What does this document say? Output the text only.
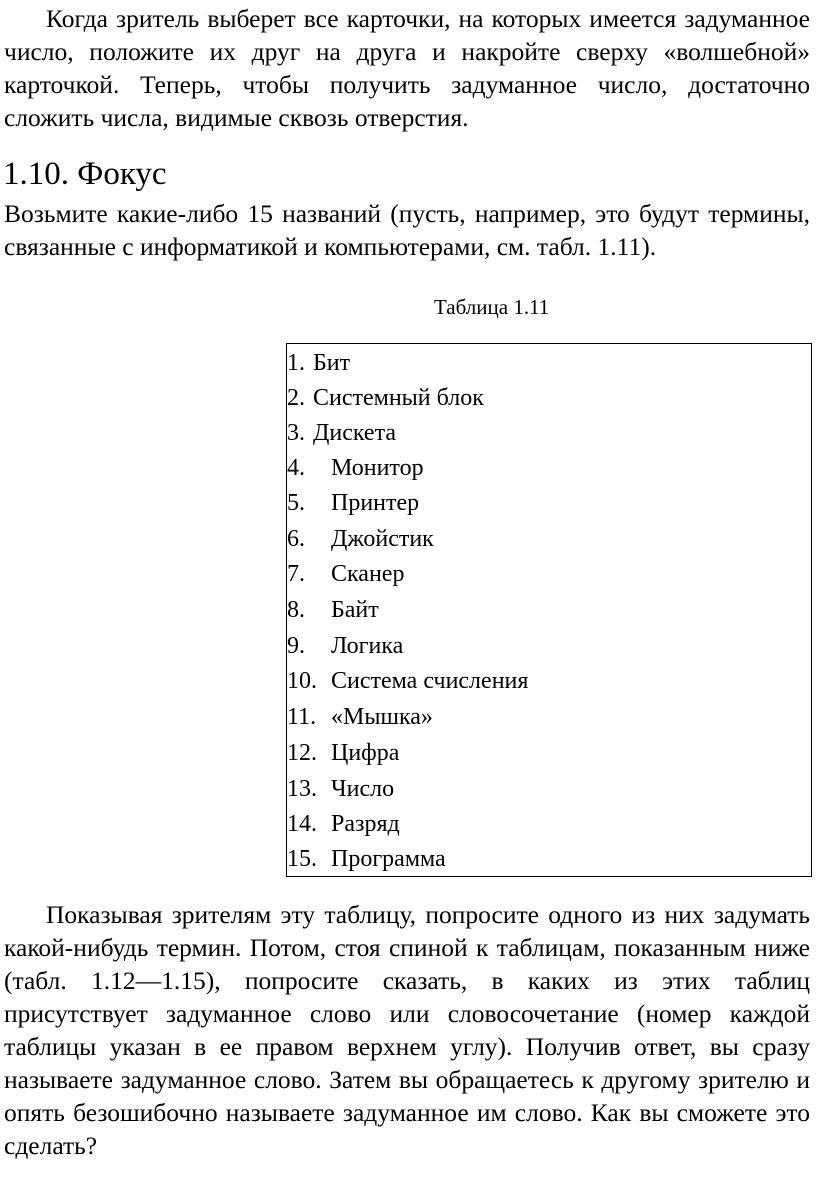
Когда зритель выберет все карточки, на которых имеется задуманное число, положите их друг на друга и накройте сверху «волшебной» карточкой. Теперь, чтобы получить задуманное число, достаточно сложить числа, видимые сквозь отверстия.

1.10. Фокус

Возьмите какие-либо 15 названий (пусть, например, это будут термины, связанные с информатикой и компьютерами, см. табл. 1.11).

Таблица 1.11
1. Бит
2. Системный блок
3. Дискета
4. Монитор
5. Принтер
6. Джойстик
7. Сканер
8. Байт
9. Логика
10. Система счисления
11. «Мышка»
12. Цифра
13. Число
14. Разряд
15. Программа

Показывая зрителям эту таблицу, попросите одного из них задумать какой-нибудь термин. Потом, стоя спиной к таблицам, показанным ниже (табл. 1.12—1.15), попросите сказать, в каких из этих таблиц присутствует задуманное слово или словосочетание (номер каждой таблицы указан в ее правом верхнем углу). Получив ответ, вы сразу называете задуманное слово. Затем вы обращаетесь к другому зрителю и опять безошибочно называете задуманное им слово. Как вы сможете это сделать?
